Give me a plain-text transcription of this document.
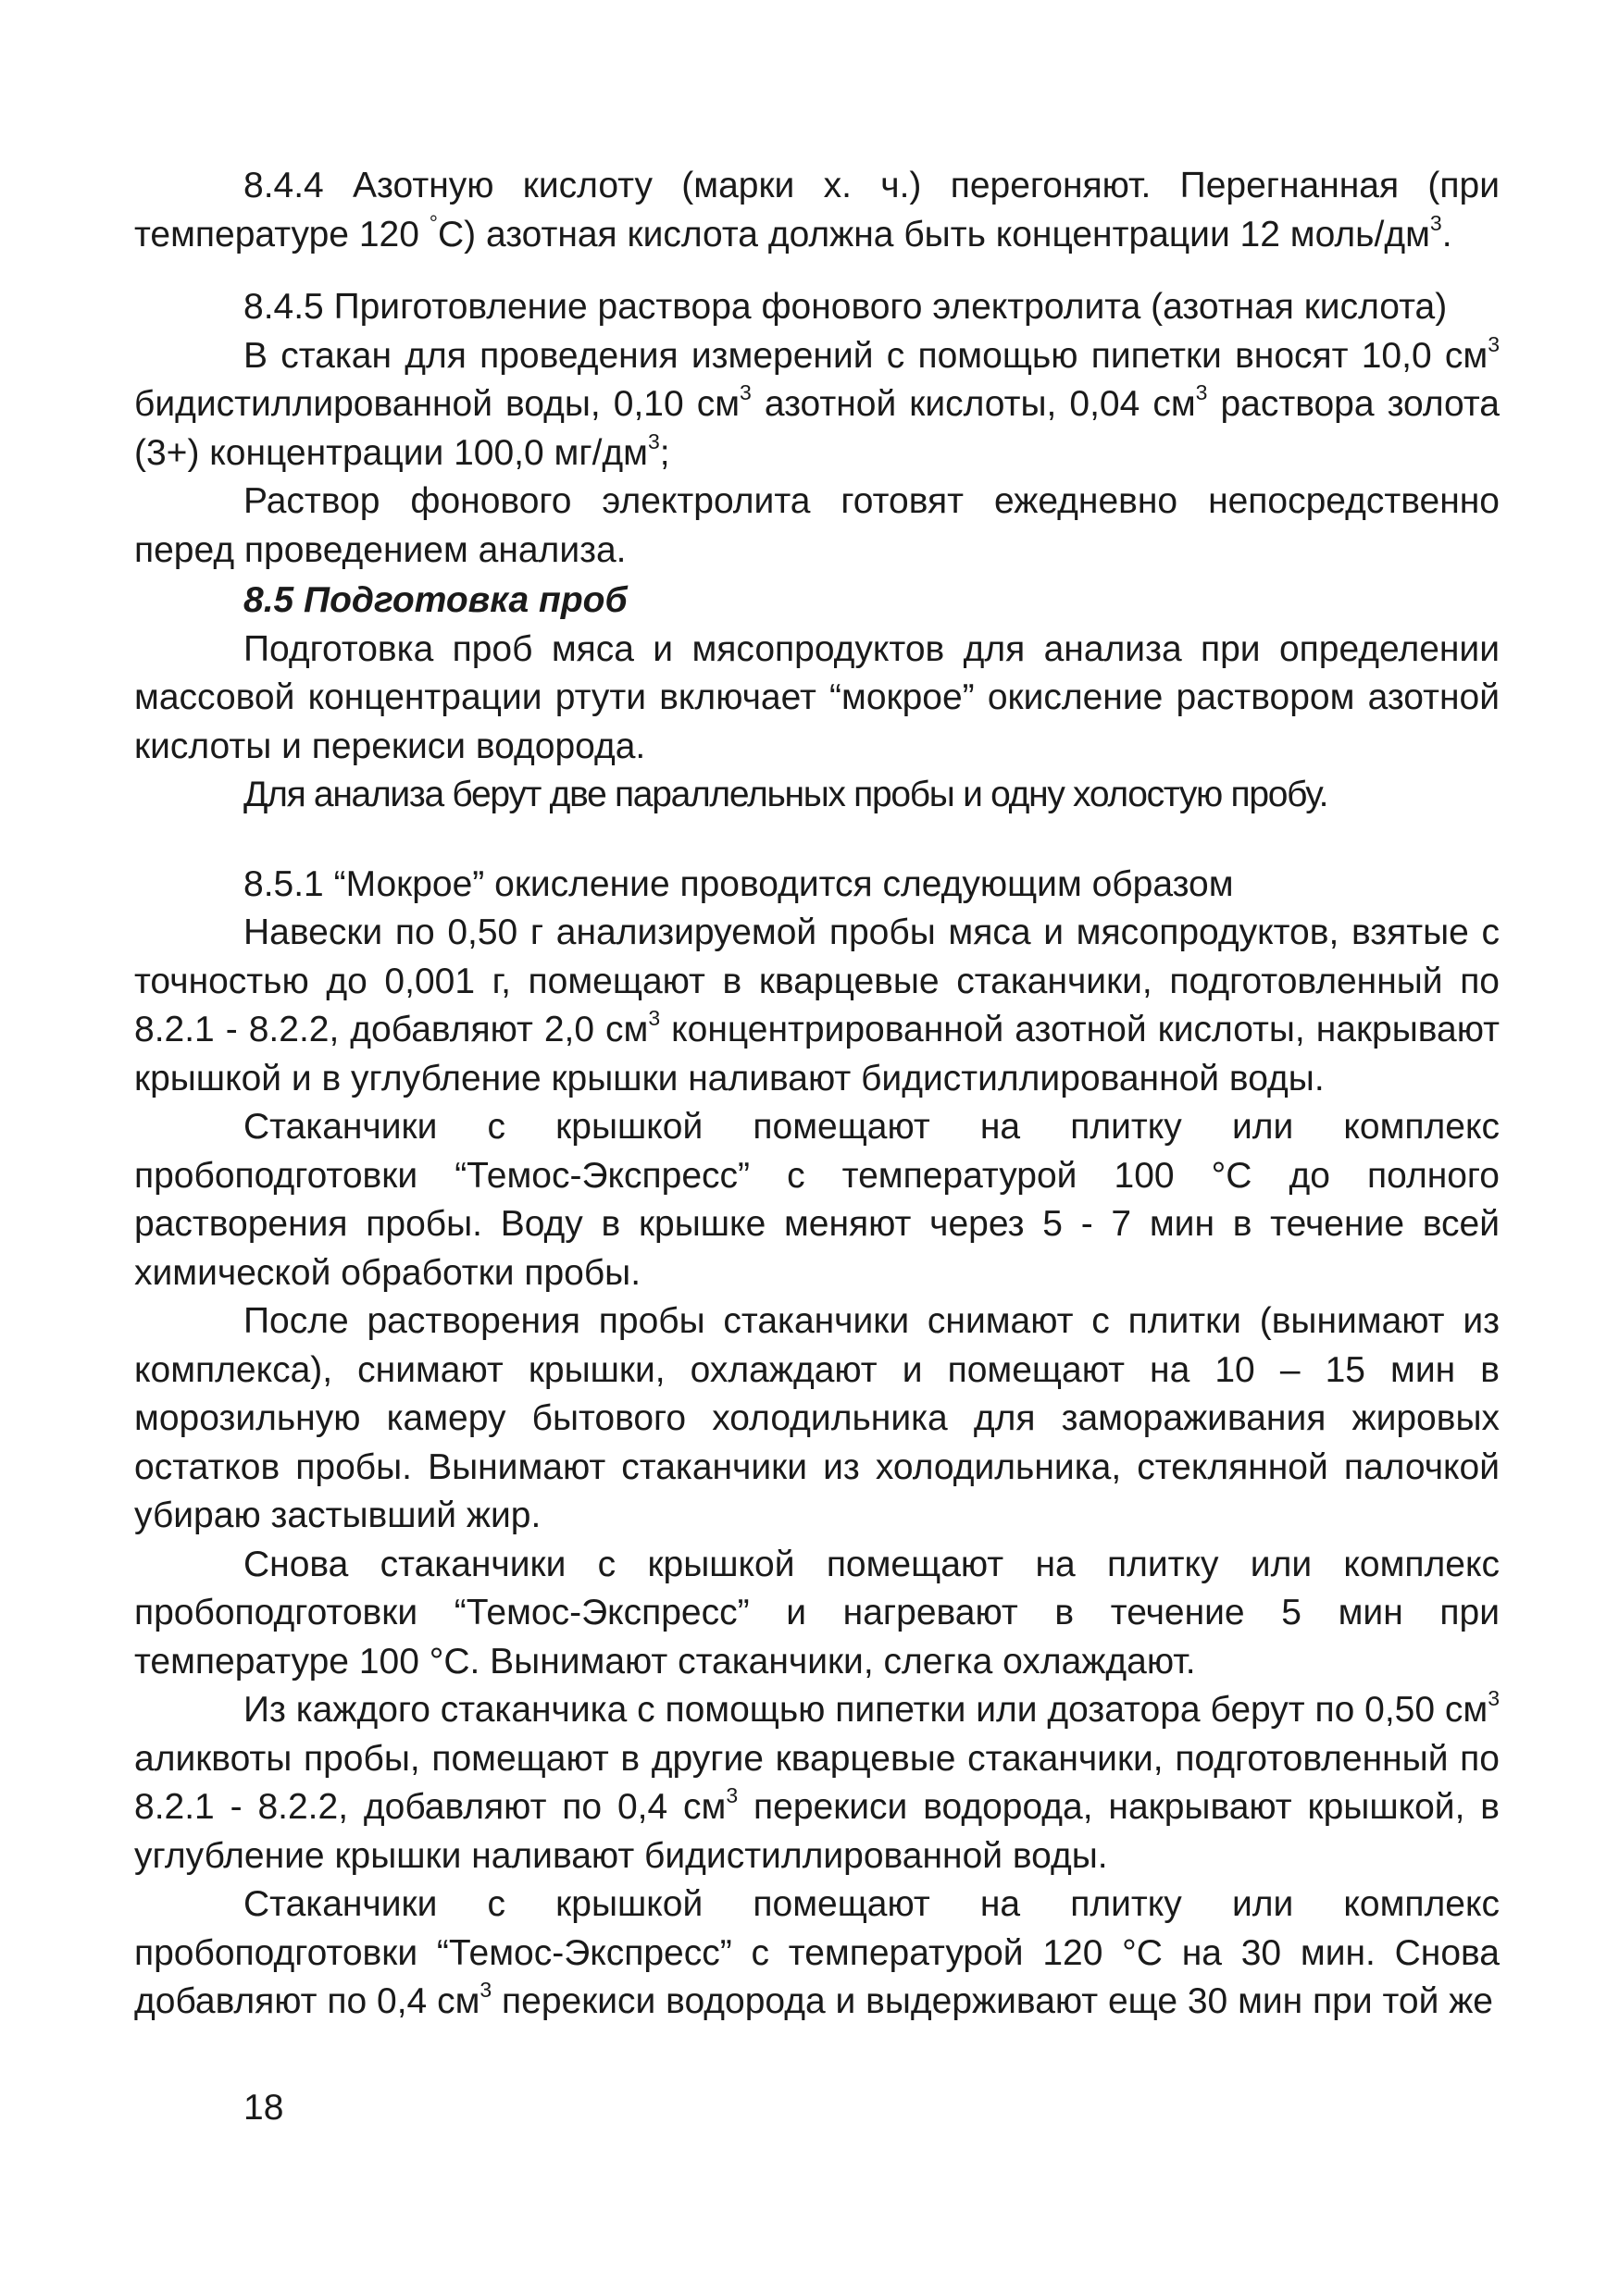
8.4.4 Азотную кислоту (марки х. ч.) перегоняют. Перегнанная (при температуре 120 °С) азотная кислота должна быть концентрации 12 моль/$дм^3$.

8.4.5 Приготовление раствора фонового электролита (азотная кислота)

В стакан для проведения измерений с помощью пипетки вносят 10,0 $см^3$ бидистиллированной воды, 0,10 $см^3$ азотной кислоты, 0,04 $см^3$ раствора золота (3+) концентрации 100,0 $мг/дм^3$;

Раствор фонового электролита готовят ежедневно непосредственно перед проведением анализа.

8.5 Подготовка проб

Подготовка проб мяса и мясопродуктов для анализа при определении массовой концентрации ртути включает “мокрое” окисление раствором азотной кислоты и перекиси водорода.

Для анализа берут две параллельных пробы и одну холостую пробу.

8.5.1 “Мокрое” окисление проводится следующим образом

Навески по 0,50 г анализируемой пробы мяса и мясопродуктов, взятые с точностью до 0,001 г, помещают в кварцевые стаканчики, подготовленный по 8.2.1 - 8.2.2, добавляют 2,0 $см^3$ концентрированной азотной кислоты, накрывают крышкой и в углубление крышки наливают бидистиллированной воды.

Стаканчики с крышкой помещают на плитку или комплекс пробоподготовки “Темос-Экспресс” с температурой 100 °С до полного растворения пробы. Воду в крышке меняют через 5 - 7 мин в течение всей химической обработки пробы.

После растворения пробы стаканчики снимают с плитки (вынимают из комплекса), снимают крышки, охлаждают и помещают на 10 – 15 мин в морозильную камеру бытового холодильника для замораживания жировых остатков пробы. Вынимают стаканчики из холодильника, стеклянной палочкой убираю застывший жир.

Снова стаканчики с крышкой помещают на плитку или комплекс пробоподготовки “Темос-Экспресс” и нагревают в течение 5 мин при температуре 100 °С. Вынимают стаканчики, слегка охлаждают.

Из каждого стаканчика с помощью пипетки или дозатора берут по 0,50 $см^3$ аликвоты пробы, помещают в другие кварцевые стаканчики, подготовленный по 8.2.1 - 8.2.2, добавляют по 0,4 $см^3$ перекиси водорода, накрывают крышкой, в углубление крышки наливают бидистиллированной воды.

Стаканчики с крышкой помещают на плитку или комплекс пробоподготовки “Темос-Экспресс” с температурой 120 °С на 30 мин. Снова добавляют по 0,4 $см^3$ перекиси водорода и выдерживают еще 30 мин при той же

18
